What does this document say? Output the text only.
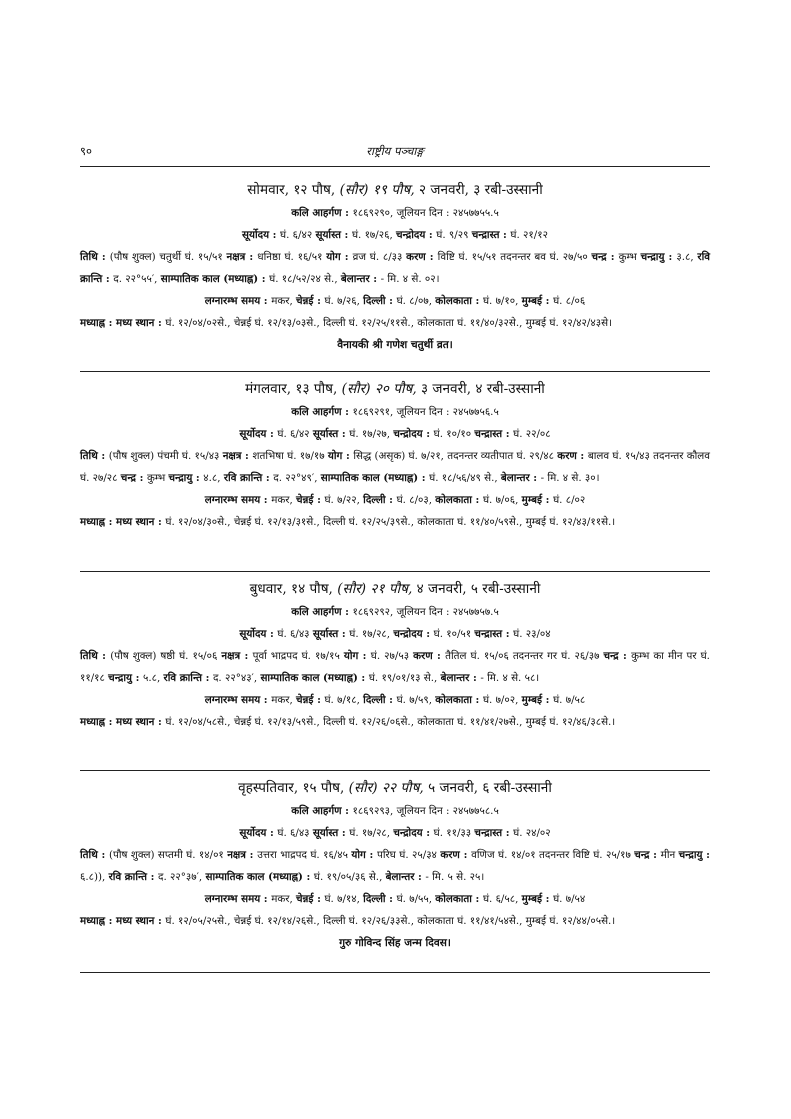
९०	राष्ट्रीय पञ्चाङ्ग

सोमवार, १२ पौष, (सौर) १९ पौष, २ जनवरी, ३ रबी-उस्सानी

कलि आहर्गण : १८६९२९०, जूलियन दिन : २४५७७५५.५

सूर्योदय : घं. ६/४२ सूर्यास्त : घं. १७/२६, चन्द्रोदय : घं. ९/२९ चन्द्रास्त : घं. २१/१२

तिथि : (पौष शुक्ल) चतुर्थी घं. १५/५१ नक्षत्र : धनिष्ठा घं. १६/५१ योग : व्रज घं. ८/३३ करण : विष्टि घं. १५/५१ तदनन्तर बव घं. २७/५० चन्द्र : कुम्भ चन्द्रायु : ३.८, रवि क्रान्ति : द. २२°५५′, साम्पातिक काल (मध्याह्न) : घं. १८/५२/२४ से., बेलान्तर : - मि. ४ से. ०२।

लग्नारम्भ समय : मकर, चेन्नई : घं. ७/२६, दिल्ली : घं. ८/०७, कोलकाता : घं. ७/१०, मुम्बई : घं. ८/०६

मध्याह्न : मध्य स्थान : घं. १२/०४/०२से., चेन्नई घं. १२/१३/०३से., दिल्ली घं. १२/२५/११से., कोलकाता घं. ११/४०/३२से., मुम्बई घं. १२/४२/४३से।

वैनायकी श्री गणेश चतुर्थी व्रत।

मंगलवार, १३ पौष, (सौर) २० पौष, ३ जनवरी, ४ रबी-उस्सानी

कलि आहर्गण : १८६९२९१, जूलियन दिन : २४५७७५६.५

सूर्योदय : घं. ६/४२ सूर्यास्त : घं. १७/२७, चन्द्रोदय : घं. १०/१० चन्द्रास्त : घं. २२/०८

तिथि : (पौष शुक्ल) पंचमी घं. १५/४३ नक्षत्र : शतभिषा घं. १७/१७ योग : सिद्ध (असृक) घं. ७/२१, तदनन्तर व्यतीपात घं. २९/४८ करण : बालव घं. १५/४३ तदनन्तर कौलव घं. २७/२८ चन्द्र : कुम्भ चन्द्रायु : ४.८, रवि क्रान्ति : द. २२°४९′, साम्पातिक काल (मध्याह्न) : घं. १८/५६/४९ से., बेलान्तर : - मि. ४ से. ३०।

लग्नारम्भ समय : मकर, चेन्नई : घं. ७/२२, दिल्ली : घं. ८/०३, कोलकाता : घं. ७/०६, मुम्बई : घं. ८/०२

मध्याह्न : मध्य स्थान : घं. १२/०४/३०से., चेन्नई घं. १२/१३/३१से., दिल्ली घं. १२/२५/३९से., कोलकाता घं. ११/४०/५९से., मुम्बई घं. १२/४३/११से.।

बुधवार, १४ पौष, (सौर) २१ पौष, ४ जनवरी, ५ रबी-उस्सानी

कलि आहर्गण : १८६९२९२, जूलियन दिन : २४५७७५७.५

सूर्योदय : घं. ६/४३ सूर्यास्त : घं. १७/२८, चन्द्रोदय : घं. १०/५१ चन्द्रास्त : घं. २३/०४

तिथि : (पौष शुक्ल) षष्ठी घं. १५/०६ नक्षत्र : पूर्वा भाद्रपद घं. १७/१५ योग : घं. २७/५३ करण : तैतिल घं. १५/०६ तदनन्तर गर घं. २६/३७ चन्द्र : कुम्भ का मीन पर घं. ११/१८ चन्द्रायु : ५.८, रवि क्रान्ति : द. २२°४३′, साम्पातिक काल (मध्याह्न) : घं. १९/०१/१३ से., बेलान्तर : - मि. ४ से. ५८।

लग्नारम्भ समय : मकर, चेन्नई : घं. ७/१८, दिल्ली : घं. ७/५९, कोलकाता : घं. ७/०२, मुम्बई : घं. ७/५८

मध्याह्न : मध्य स्थान : घं. १२/०४/५८से., चेन्नई घं. १२/१३/५९से., दिल्ली घं. १२/२६/०६से., कोलकाता घं. ११/४१/२७से., मुम्बई घं. १२/४६/३८से.।

वृहस्पतिवार, १५ पौष, (सौर) २२ पौष, ५ जनवरी, ६ रबी-उस्सानी

कलि आहर्गण : १८६९२९३, जूलियन दिन : २४५७७५८.५

सूर्योदय : घं. ६/४३ सूर्यास्त : घं. १७/२८, चन्द्रोदय : घं. ११/३३ चन्द्रास्त : घं. २४/०२

तिथि : (पौष शुक्ल) सप्तमी घं. १४/०१ नक्षत्र : उत्तरा भाद्रपद घं. १६/४५ योग : परिघ घं. २५/३४ करण : वणिज घं. १४/०१ तदनन्तर विष्टि घं. २५/१७ चन्द्र : मीन चन्द्रायु : ६.८)), रवि क्रान्ति : द. २२°३७′, साम्पातिक काल (मध्याह्न) : घं. १९/०५/३६ से., बेलान्तर : - मि. ५ से. २५।

लग्नारम्भ समय : मकर, चेन्नई : घं. ७/१४, दिल्ली : घं. ७/५५, कोलकाता : घं. ६/५८, मुम्बई : घं. ७/५४

मध्याह्न : मध्य स्थान : घं. १२/०५/२५से., चेन्नई घं. १२/१४/२६से., दिल्ली घं. १२/२६/३३से., कोलकाता घं. ११/४१/५४से., मुम्बई घं. १२/४४/०५से.।

गुरु गोविन्द सिंह जन्म दिवस।
